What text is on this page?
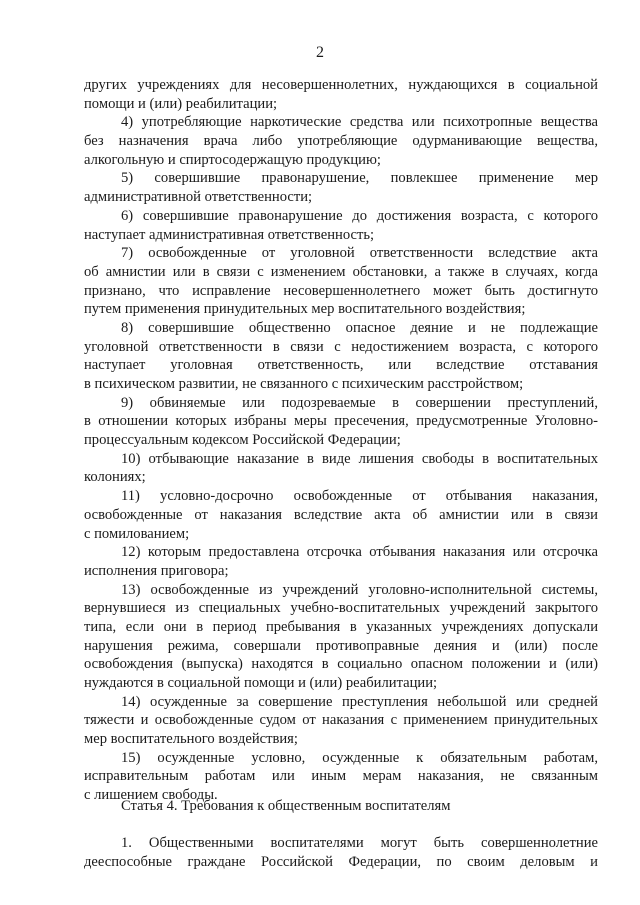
2
других учреждениях для несовершеннолетних, нуждающихся в социальной
помощи и (или) реабилитации;
4) употребляющие наркотические средства или психотропные вещества
без назначения врача либо употребляющие одурманивающие вещества,
алкогольную и спиртосодержащую продукцию;
5) совершившие правонарушение, повлекшее применение мер
административной ответственности;
6) совершившие правонарушение до достижения возраста, с которого
наступает административная ответственность;
7) освобожденные от уголовной ответственности вследствие акта
об амнистии или в связи с изменением обстановки, а также в случаях, когда
признано, что исправление несовершеннолетнего может быть достигнуто
путем применения принудительных мер воспитательного воздействия;
8) совершившие общественно опасное деяние и не подлежащие
уголовной ответственности в связи с недостижением возраста, с которого
наступает уголовная ответственность, или вследствие отставания
в психическом развитии, не связанного с психическим расстройством;
9) обвиняемые или подозреваемые в совершении преступлений,
в отношении которых избраны меры пресечения, предусмотренные Уголовно-
процессуальным кодексом Российской Федерации;
10) отбывающие наказание в виде лишения свободы в воспитательных
колониях;
11) условно-досрочно освобожденные от отбывания наказания,
освобожденные от наказания вследствие акта об амнистии или в связи
с помилованием;
12) которым предоставлена отсрочка отбывания наказания или отсрочка
исполнения приговора;
13) освобожденные из учреждений уголовно-исполнительной системы,
вернувшиеся из специальных учебно-воспитательных учреждений закрытого
типа, если они в период пребывания в указанных учреждениях допускали
нарушения режима, совершали противоправные деяния и (или) после
освобождения (выпуска) находятся в социально опасном положении и (или)
нуждаются в социальной помощи и (или) реабилитации;
14) осужденные за совершение преступления небольшой или средней
тяжести и освобожденные судом от наказания с применением принудительных
мер воспитательного воздействия;
15) осужденные условно, осужденные к обязательным работам,
исправительным работам или иным мерам наказания, не связанным
с лишением свободы.
Статья 4. Требования к общественным воспитателям
1. Общественными воспитателями могут быть совершеннолетние
дееспособные граждане Российской Федерации, по своим деловым и
